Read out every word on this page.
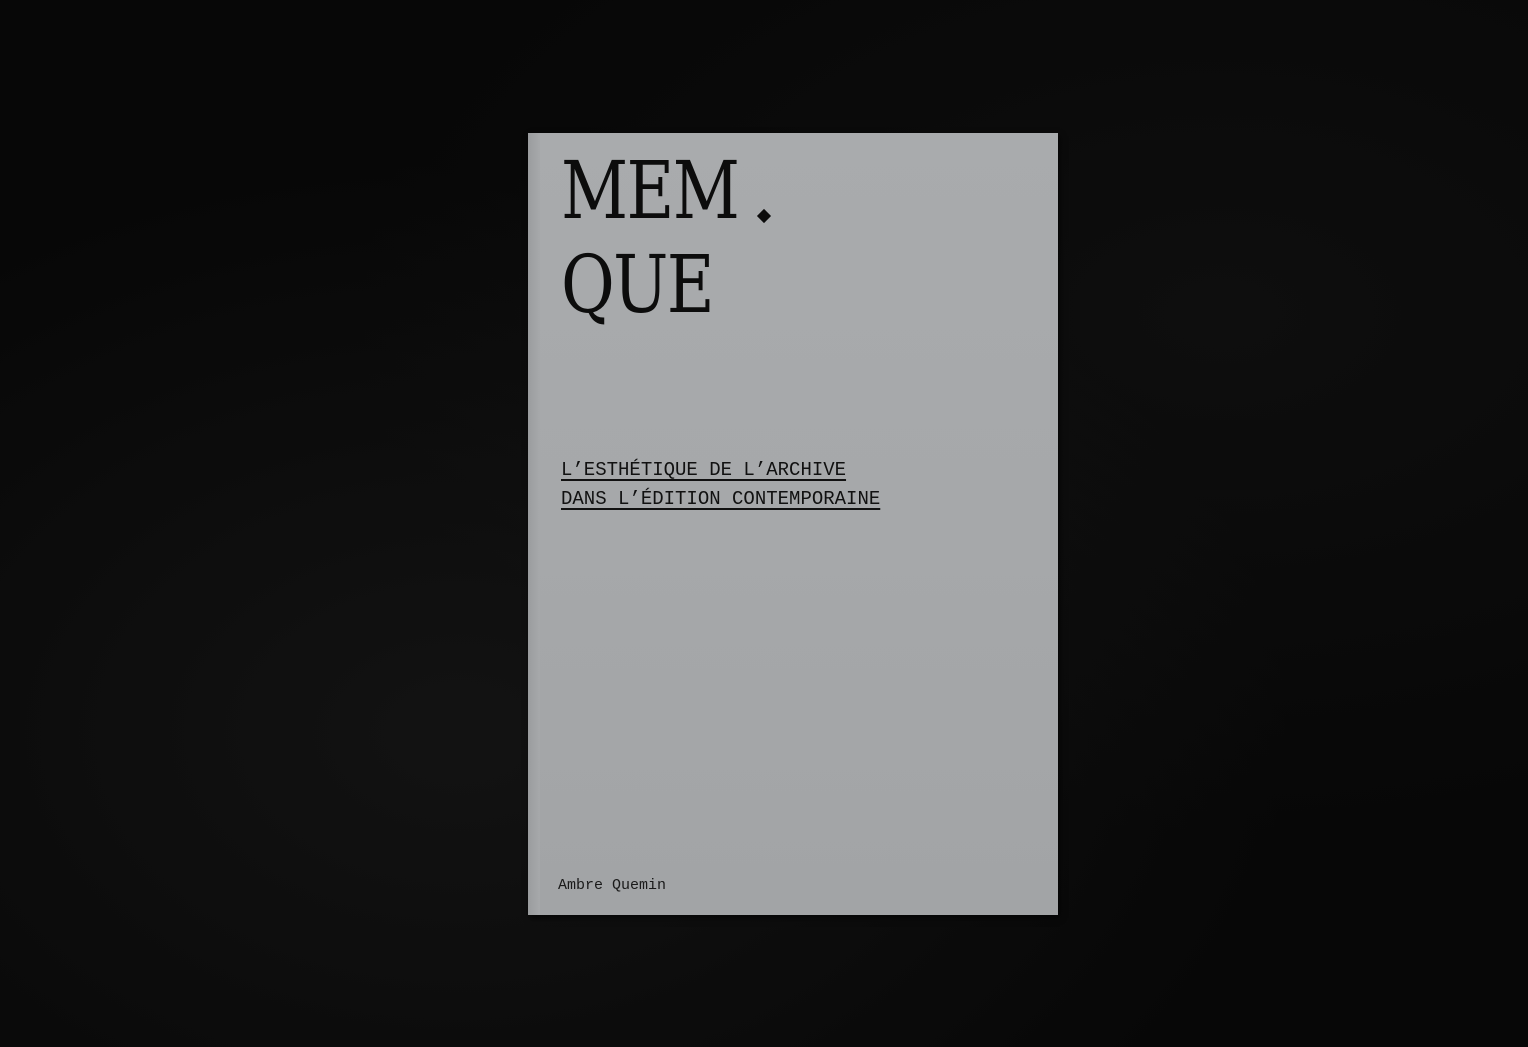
MEM
QUE
L’ESTHÉTIQUE DE L’ARCHIVE
DANS L’ÉDITION CONTEMPORAINE
Ambre Quemin
